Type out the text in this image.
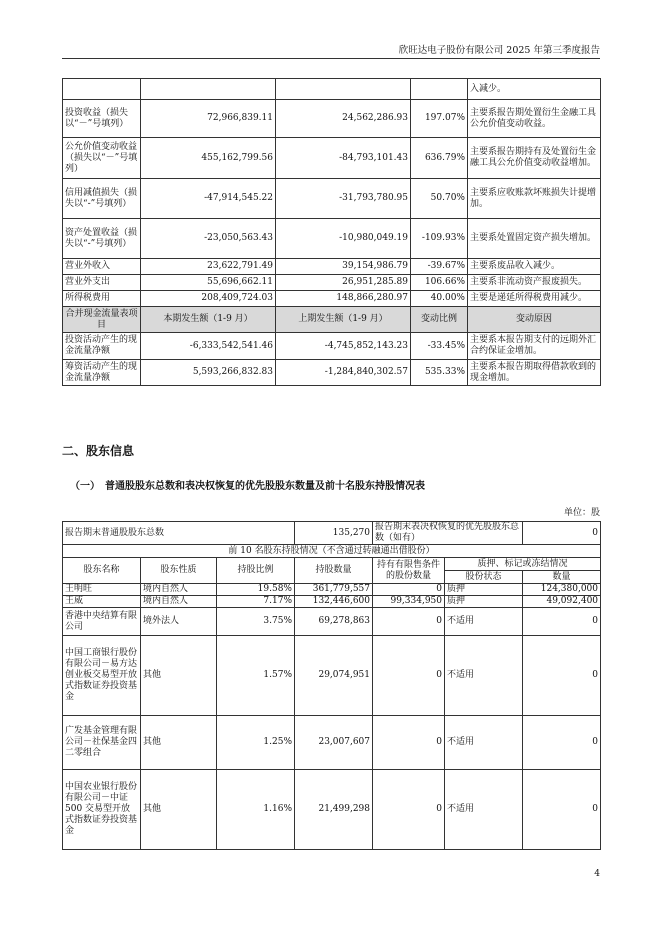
欣旺达电子股份有限公司 2025 年第三季度报告
				入减少。
投资收益（损失以“－”号填列）	72,966,839.11	24,562,286.93	197.07%	主要系报告期处置衍生金融工具公允价值变动收益。
公允价值变动收益（损失以“－”号填列）	455,162,799.56	-84,793,101.43	636.79%	主要系报告期持有及处置衍生金融工具公允价值变动收益增加。
信用减值损失（损失以“-”号填列）	-47,914,545.22	-31,793,780.95	50.70%	主要系应收账款坏账损失计提增加。
资产处置收益（损失以“-”号填列）	-23,050,563.43	-10,980,049.19	-109.93%	主要系处置固定资产损失增加。
营业外收入	23,622,791.49	39,154,986.79	-39.67%	主要系废品收入减少。
营业外支出	55,696,662.11	26,951,285.89	106.66%	主要系非流动资产报废损失。
所得税费用	208,409,724.03	148,866,280.97	40.00%	主要是递延所得税费用减少。
合并现金流量表项目	本期发生额（1-9 月）	上期发生额（1-9 月）	变动比例	变动原因
投资活动产生的现金流量净额	-6,333,542,541.46	-4,745,852,143.23	-33.45%	主要系本报告期支付的远期外汇合约保证金增加。
筹资活动产生的现金流量净额	5,593,266,832.83	-1,284,840,302.57	535.33%	主要系本报告期取得借款收到的现金增加。
二、股东信息
（一）　普通股股东总数和表决权恢复的优先股股东数量及前十名股东持股情况表
单位：股
报告期末普通股股东总数			135,270	报告期末表决权恢复的优先股股东总数（如有）		0
前 10 名股东持股情况（不含通过转融通出借股份）						
股东名称	股东性质	持股比例	持股数量	持有有限售条件的股份数量	质押、标记或冻结情况	
					股份状态	数量
王明旺	境内自然人	19.58%	361,779,557	0	质押	124,380,000
王威	境内自然人	7.17%	132,446,600	99,334,950	质押	49,092,400
香港中央结算有限公司	境外法人	3.75%	69,278,863	0	不适用	0
中国工商银行股份有限公司－易方达创业板交易型开放式指数证券投资基金	其他	1.57%	29,074,951	0	不适用	0
广发基金管理有限公司－社保基金四二零组合	其他	1.25%	23,007,607	0	不适用	0
中国农业银行股份有限公司－中证 500 交易型开放式指数证券投资基金	其他	1.16%	21,499,298	0	不适用	0
4
